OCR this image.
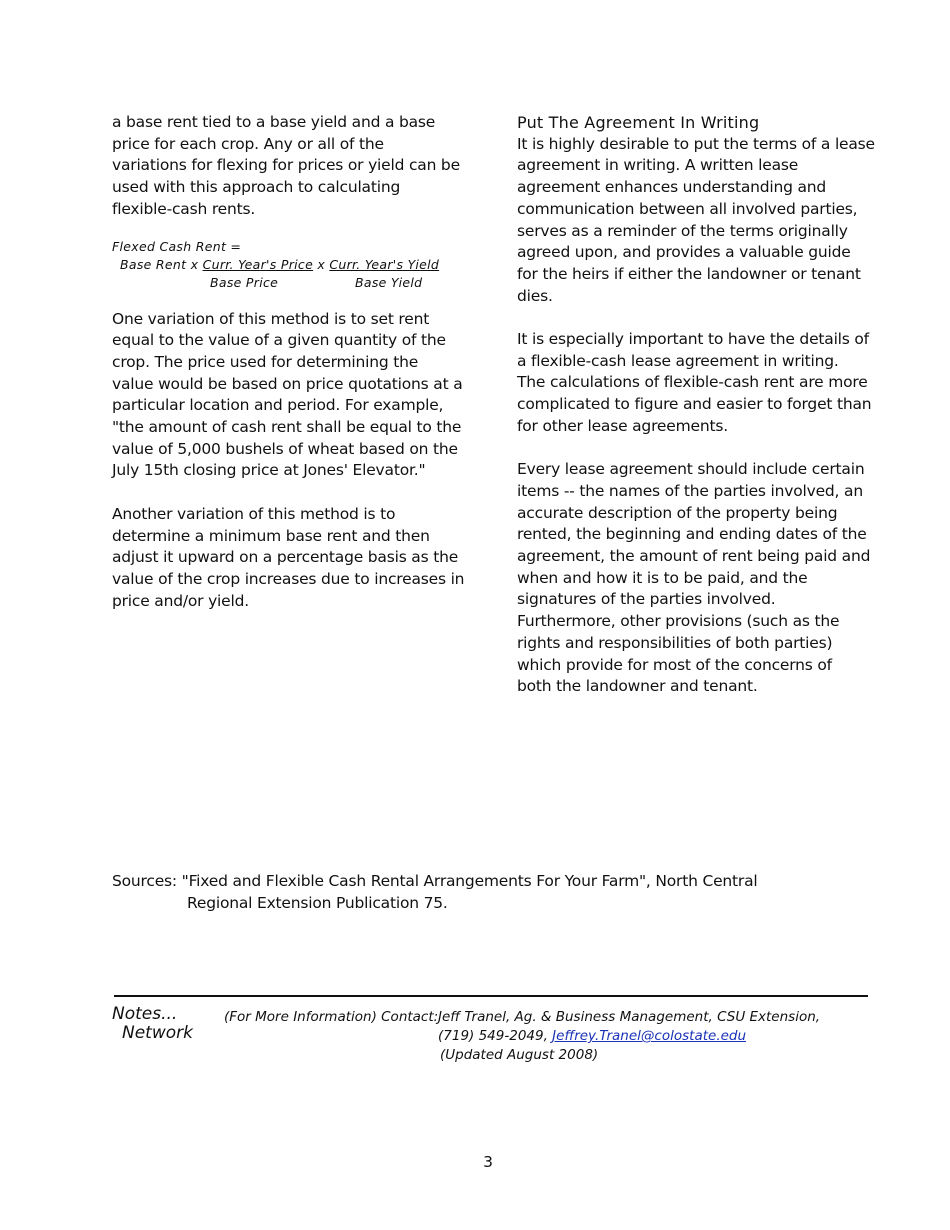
a base rent tied to a base yield and a base
price for each crop. Any or all of the
variations for flexing for prices or yield can be
used with this approach to calculating
flexible-cash rents.

Flexed Cash Rent =
Base Rent x Curr. Year's Price x Curr. Year's Yield
Base Price	Base Yield

One variation of this method is to set rent
equal to the value of a given quantity of the
crop. The price used for determining the
value would be based on price quotations at a
particular location and period. For example,
"the amount of cash rent shall be equal to the
value of 5,000 bushels of wheat based on the
July 15th closing price at Jones' Elevator."

Another variation of this method is to
determine a minimum base rent and then
adjust it upward on a percentage basis as the
value of the crop increases due to increases in
price and/or yield.

Put The Agreement In Writing

It is highly desirable to put the terms of a lease
agreement in writing. A written lease
agreement enhances understanding and
communication between all involved parties,
serves as a reminder of the terms originally
agreed upon, and provides a valuable guide
for the heirs if either the landowner or tenant
dies.

It is especially important to have the details of
a flexible-cash lease agreement in writing.
The calculations of flexible-cash rent are more
complicated to figure and easier to forget than
for other lease agreements.

Every lease agreement should include certain
items -- the names of the parties involved, an
accurate description of the property being
rented, the beginning and ending dates of the
agreement, the amount of rent being paid and
when and how it is to be paid, and the
signatures of the parties involved.
Furthermore, other provisions (such as the
rights and responsibilities of both parties)
which provide for most of the concerns of
both the landowner and tenant.

Sources: "Fixed and Flexible Cash Rental Arrangements For Your Farm", North Central
Regional Extension Publication 75.
Notes...
Network
(For More Information) Contact: Jeff Tranel, Ag. & Business Management, CSU Extension,
(719) 549-2049, Jeffrey.Tranel@colostate.edu
(Updated August 2008)
3
